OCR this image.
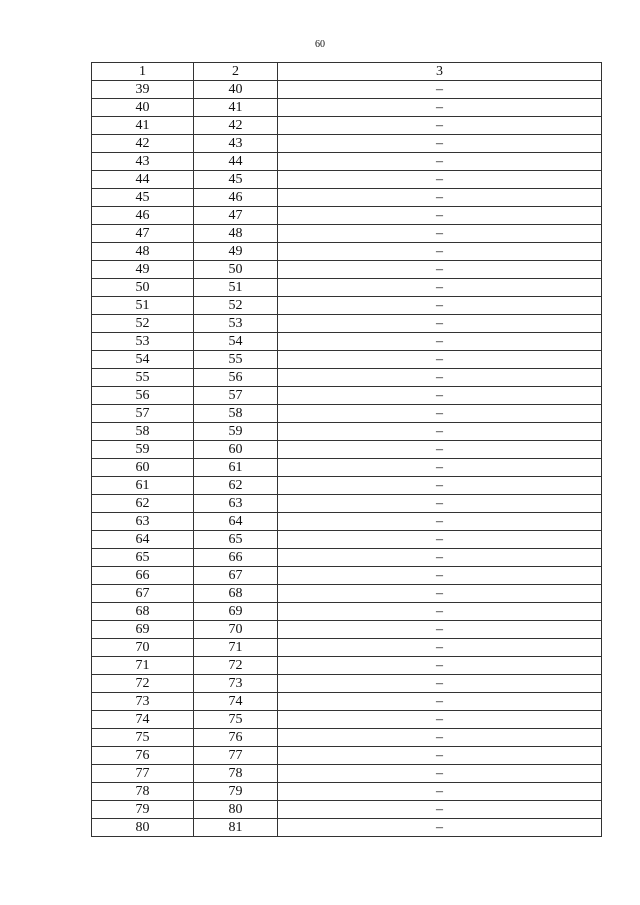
60
1	2	3
39	40	–
40	41	–
41	42	–
42	43	–
43	44	–
44	45	–
45	46	–
46	47	–
47	48	–
48	49	–
49	50	–
50	51	–
51	52	–
52	53	–
53	54	–
54	55	–
55	56	–
56	57	–
57	58	–
58	59	–
59	60	–
60	61	–
61	62	–
62	63	–
63	64	–
64	65	–
65	66	–
66	67	–
67	68	–
68	69	–
69	70	–
70	71	–
71	72	–
72	73	–
73	74	–
74	75	–
75	76	–
76	77	–
77	78	–
78	79	–
79	80	–
80	81	–
